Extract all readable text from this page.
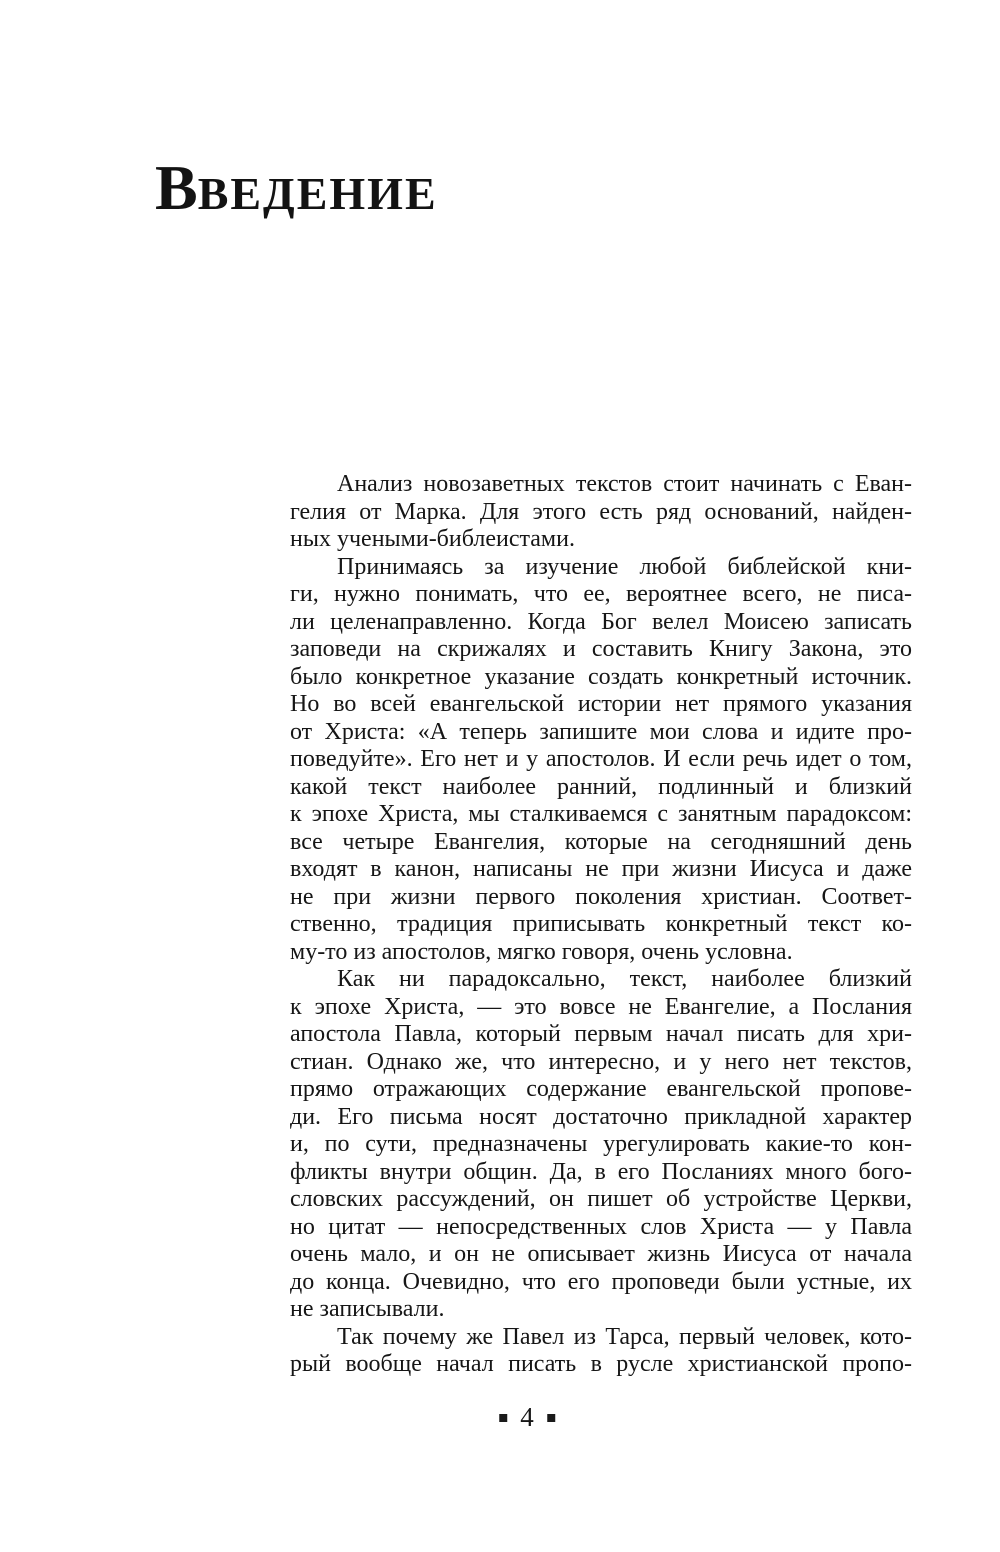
ВВЕДЕНИЕ
Анализ новозаветных текстов стоит начинать с Еван-
гелия от Марка. Для этого есть ряд оснований, найден-
ных учеными-библеистами.
Принимаясь за изучение любой библейской кни-
ги, нужно понимать, что ее, вероятнее всего, не писа-
ли целенаправленно. Когда Бог велел Моисею записать
заповеди на скрижалях и составить Книгу Закона, это
было конкретное указание создать конкретный источник.
Но во всей евангельской истории нет прямого указания
от Христа: «А теперь запишите мои слова и идите про-
поведуйте». Его нет и у апостолов. И если речь идет о том,
какой текст наиболее ранний, подлинный и близкий
к эпохе Христа, мы сталкиваемся с занятным парадоксом:
все четыре Евангелия, которые на сегодняшний день
входят в канон, написаны не при жизни Иисуса и даже
не при жизни первого поколения христиан. Соответ-
ственно, традиция приписывать конкретный текст ко-
му-то из апостолов, мягко говоря, очень условна.
Как ни парадоксально, текст, наиболее близкий
к эпохе Христа, — это вовсе не Евангелие, а Послания
апостола Павла, который первым начал писать для хри-
стиан. Однако же, что интересно, и у него нет текстов,
прямо отражающих содержание евангельской пропове-
ди. Его письма носят достаточно прикладной характер
и, по сути, предназначены урегулировать какие-то кон-
фликты внутри общин. Да, в его Посланиях много бого-
словских рассуждений, он пишет об устройстве Церкви,
но цитат — непосредственных слов Христа — у Павла
очень мало, и он не описывает жизнь Иисуса от начала
до конца. Очевидно, что его проповеди были устные, их
не записывали.
Так почему же Павел из Тарса, первый человек, кото-
рый вообще начал писать в русле христианской пропо-
4
